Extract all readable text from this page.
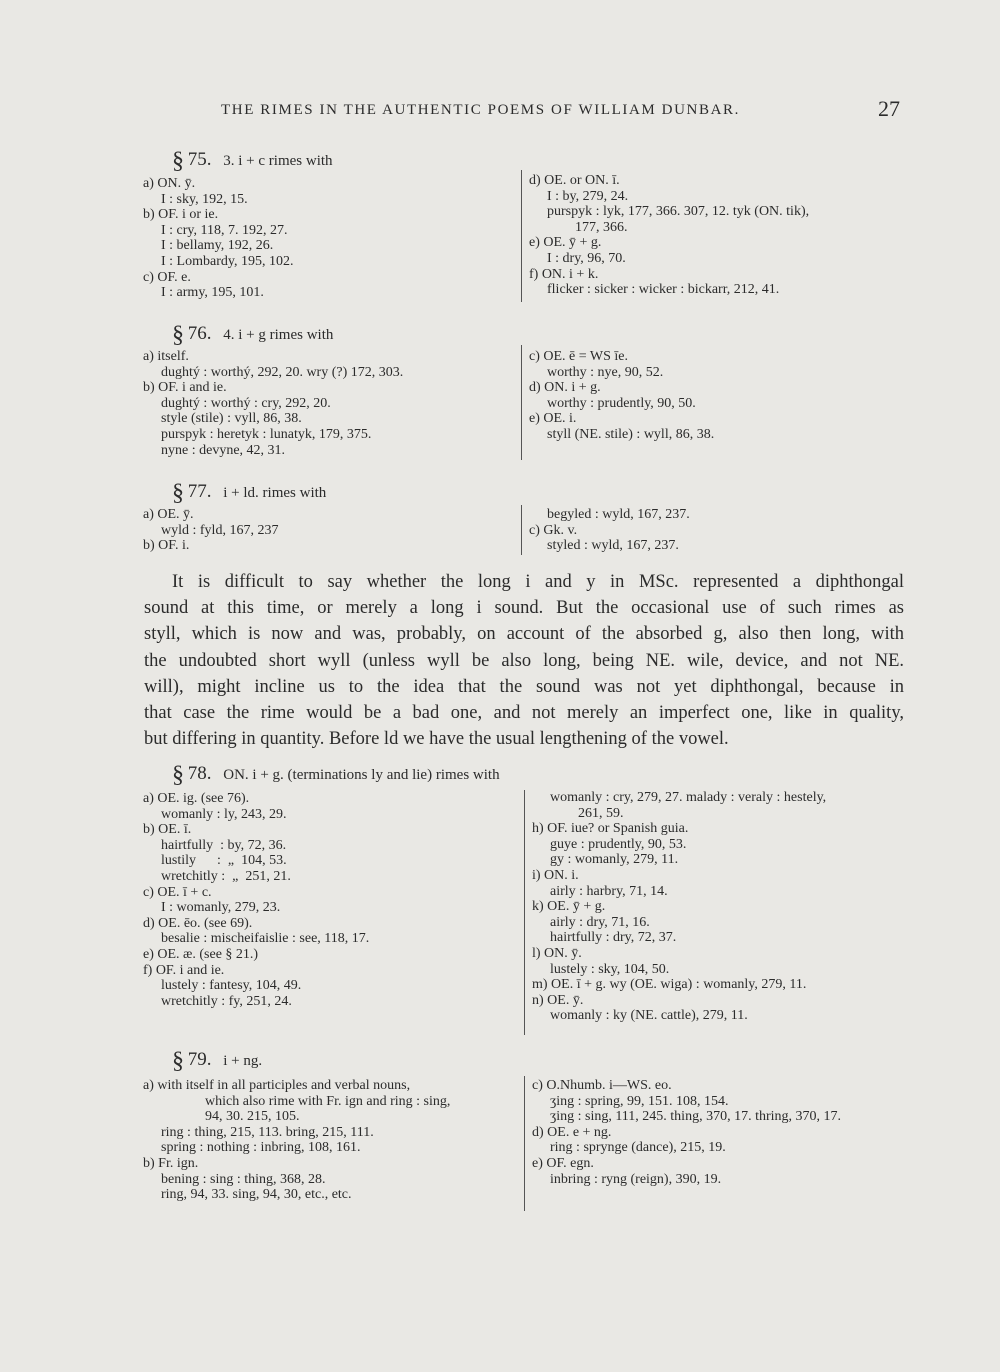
THE RIMES IN THE AUTHENTIC POEMS OF WILLIAM DUNBAR.	27
§ 75. 3. i + c rimes with
a) ON. ȳ.
I : sky, 192, 15.
b) OF. i or ie.
I : cry, 118, 7. 192, 27.
I : bellamy, 192, 26.
I : Lombardy, 195, 102.
c) OF. e.
I : army, 195, 101.
d) OE. or ON. ī.
I : by, 279, 24.
purspyk : lyk, 177, 366. 307, 12. tyk (ON. tik),
177, 366.
e) OE. ȳ + g.
I : dry, 96, 70.
f) ON. i + k.
flicker : sicker : wicker : bickarr, 212, 41.
§ 76. 4. i + g rimes with
a) itself.
dughtý : worthý, 292, 20. wry (?) 172, 303.
b) OF. i and ie.
dughtý : worthý : cry, 292, 20.
style (stile) : vyll, 86, 38.
purspyk : heretyk : lunatyk, 179, 375.
nyne : devyne, 42, 31.
c) OE. ē = WS īe.
worthy : nye, 90, 52.
d) ON. i + g.
worthy : prudently, 90, 50.
e) OE. i.
styll (NE. stile) : wyll, 86, 38.
§ 77. i + ld. rimes with
a) OE. ȳ.
wyld : fyld, 167, 237
b) OF. i.
begyled : wyld, 167, 237.
c) Gk. v.
styled : wyld, 167, 237.
It is difficult to say whether the long i and y in MSc. represented a diphthongal
sound at this time, or merely a long i sound. But the occasional use of such rimes as
styll, which is now and was, probably, on account of the absorbed g, also then long, with
the undoubted short wyll (unless wyll be also long, being NE. wile, device, and not NE.
will), might incline us to the idea that the sound was not yet diphthongal, because in
that case the rime would be a bad one, and not merely an imperfect one, like in quality,
but differing in quantity. Before ld we have the usual lengthening of the vowel.
§ 78. ON. i + g. (terminations ly and lie) rimes with
a) OE. ig. (see 76).
womanly : ly, 243, 29.
b) OE. ī.
hairtfully  : by, 72, 36.
lustily      :  „  104, 53.
wretchitly :  „  251, 21.
c) OE. ī + c.
I : womanly, 279, 23.
d) OE. ēo. (see 69).
besalie : mischeifaislie : see, 118, 17.
e) OE. æ. (see § 21.)
f) OF. i and ie.
lustely : fantesy, 104, 49.
wretchitly : fy, 251, 24.
womanly : cry, 279, 27. malady : veraly : hestely,
261, 59.
h) OF. iue? or Spanish guia.
guye : prudently, 90, 53.
gy : womanly, 279, 11.
i) ON. i.
airly : harbry, 71, 14.
k) OE. ȳ + g.
airly : dry, 71, 16.
hairtfully : dry, 72, 37.
l) ON. ȳ.
lustely : sky, 104, 50.
m) OE. ī + g. wy (OE. wiga) : womanly, 279, 11.
n) OE. ȳ.
womanly : ky (NE. cattle), 279, 11.
§ 79. i + ng.
a) with itself in all participles and verbal nouns,
which also rime with Fr. ign and ring : sing,
94, 30. 215, 105.
ring : thing, 215, 113. bring, 215, 111.
spring : nothing : inbring, 108, 161.
b) Fr. ign.
bening : sing : thing, 368, 28.
ring, 94, 33. sing, 94, 30, etc., etc.
c) O.Nhumb. i—WS. eo.
ʒing : spring, 99, 151. 108, 154.
ʒing : sing, 111, 245. thing, 370, 17. thring, 370, 17.
d) OE. e + ng.
ring : sprynge (dance), 215, 19.
e) OF. egn.
inbring : ryng (reign), 390, 19.
